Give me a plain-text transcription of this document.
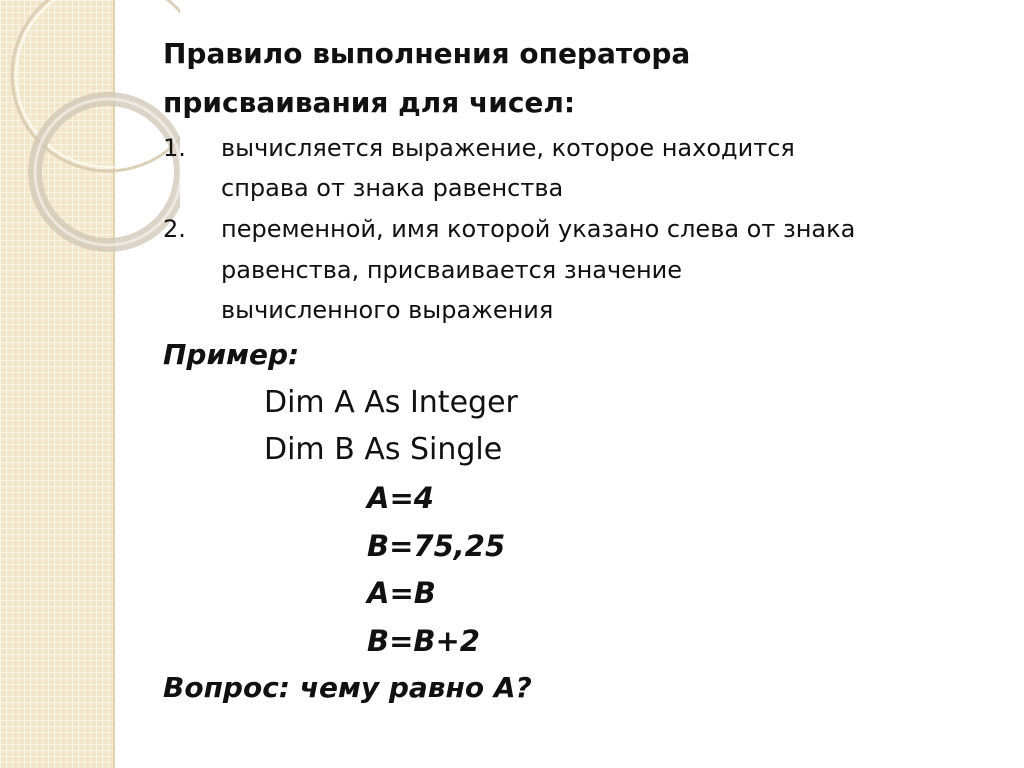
Правило выполнения оператора

присваивания для чисел:

1. вычисляется выражение, которое находится

справа от знака равенства

2. переменной, имя которой указано слева от знака

равенства, присваивается значение

вычисленного выражения

Пример:

Dim A As Integer

Dim B As Single

A=4

B=75,25

A=B

B=B+2

Вопрос: чему равно A?
